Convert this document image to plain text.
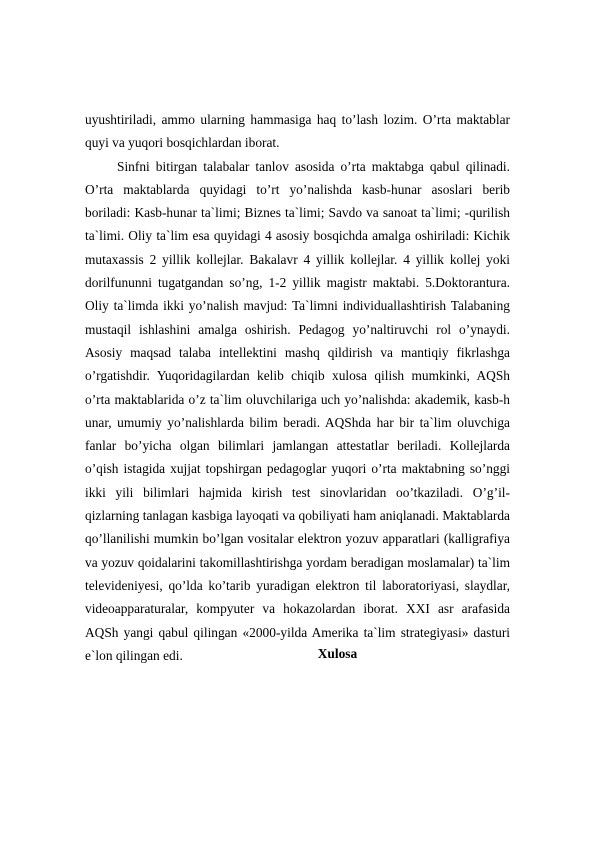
uyushtiriladi, ammo ularning hammasiga haq to’lash lozim. O’rta maktablar quyi va yuqori bosqichlardan iborat.

Sinfni bitirgan talabalar tanlov asosida o’rta maktabga qabul qilinadi. O’rta maktablarda quyidagi to’rt yo’nalishda kasb-hunar asoslari berib boriladi: Kasb-hunar ta`limi; Biznes ta`limi; Savdo va sanoat ta`limi; -qurilish ta`limi. Oliy ta`lim esa quyidagi 4 asosiy bosqichda amalga oshiriladi: Kichik mutaxassis 2 yillik kollejlar. Bakalavr 4 yillik kollejlar. 4 yillik kollej yoki dorilfununni tugatgandan so’ng, 1-2 yillik magistr maktabi. 5.Doktorantura. Oliy ta`limda ikki yo’nalish mavjud: Ta`limni individuallashtirish Talabaning mustaqil ishlashini amalga oshirish. Pedagog yo’naltiruvchi rol o’ynaydi. Asosiy maqsad talaba intellektini mashq qildirish va mantiqiy fikrlashga o’rgatishdir. Yuqoridagilardan kelib chiqib xulosa qilish mumkinki, AQSh o’rta maktablarida o’z ta`lim oluvchilariga uch yo’nalishda: akademik, kasb-h unar, umumiy yo’nalishlarda bilim beradi. AQShda har bir ta`lim oluvchiga fanlar bo’yicha olgan bilimlari jamlangan attestatlar beriladi. Kollejlarda o’qish istagida xujjat topshirgan pedagoglar yuqori o’rta maktabning so’nggi ikki yili bilimlari hajmida kirish test sinovlaridan oo’tkaziladi. O’g’il-qizlarning tanlagan kasbiga layoqati va qobiliyati ham aniqlanadi. Maktablarda qo’llanilishi mumkin bo’lgan vositalar elektron yozuv apparatlari (kalligrafiya va yozuv qoidalarini takomillashtirishga yordam beradigan moslamalar) ta`lim televideniyesi, qo’lda ko’tarib yuradigan elektron til laboratoriyasi, slaydlar, videoapparaturalar, kompyuter va hokazolardan iborat. XXI asr arafasida AQSh yangi qabul qilingan «2000-yilda Amerika ta`lim strategiyasi» dasturi e`lon qilingan edi.	Xulosa
